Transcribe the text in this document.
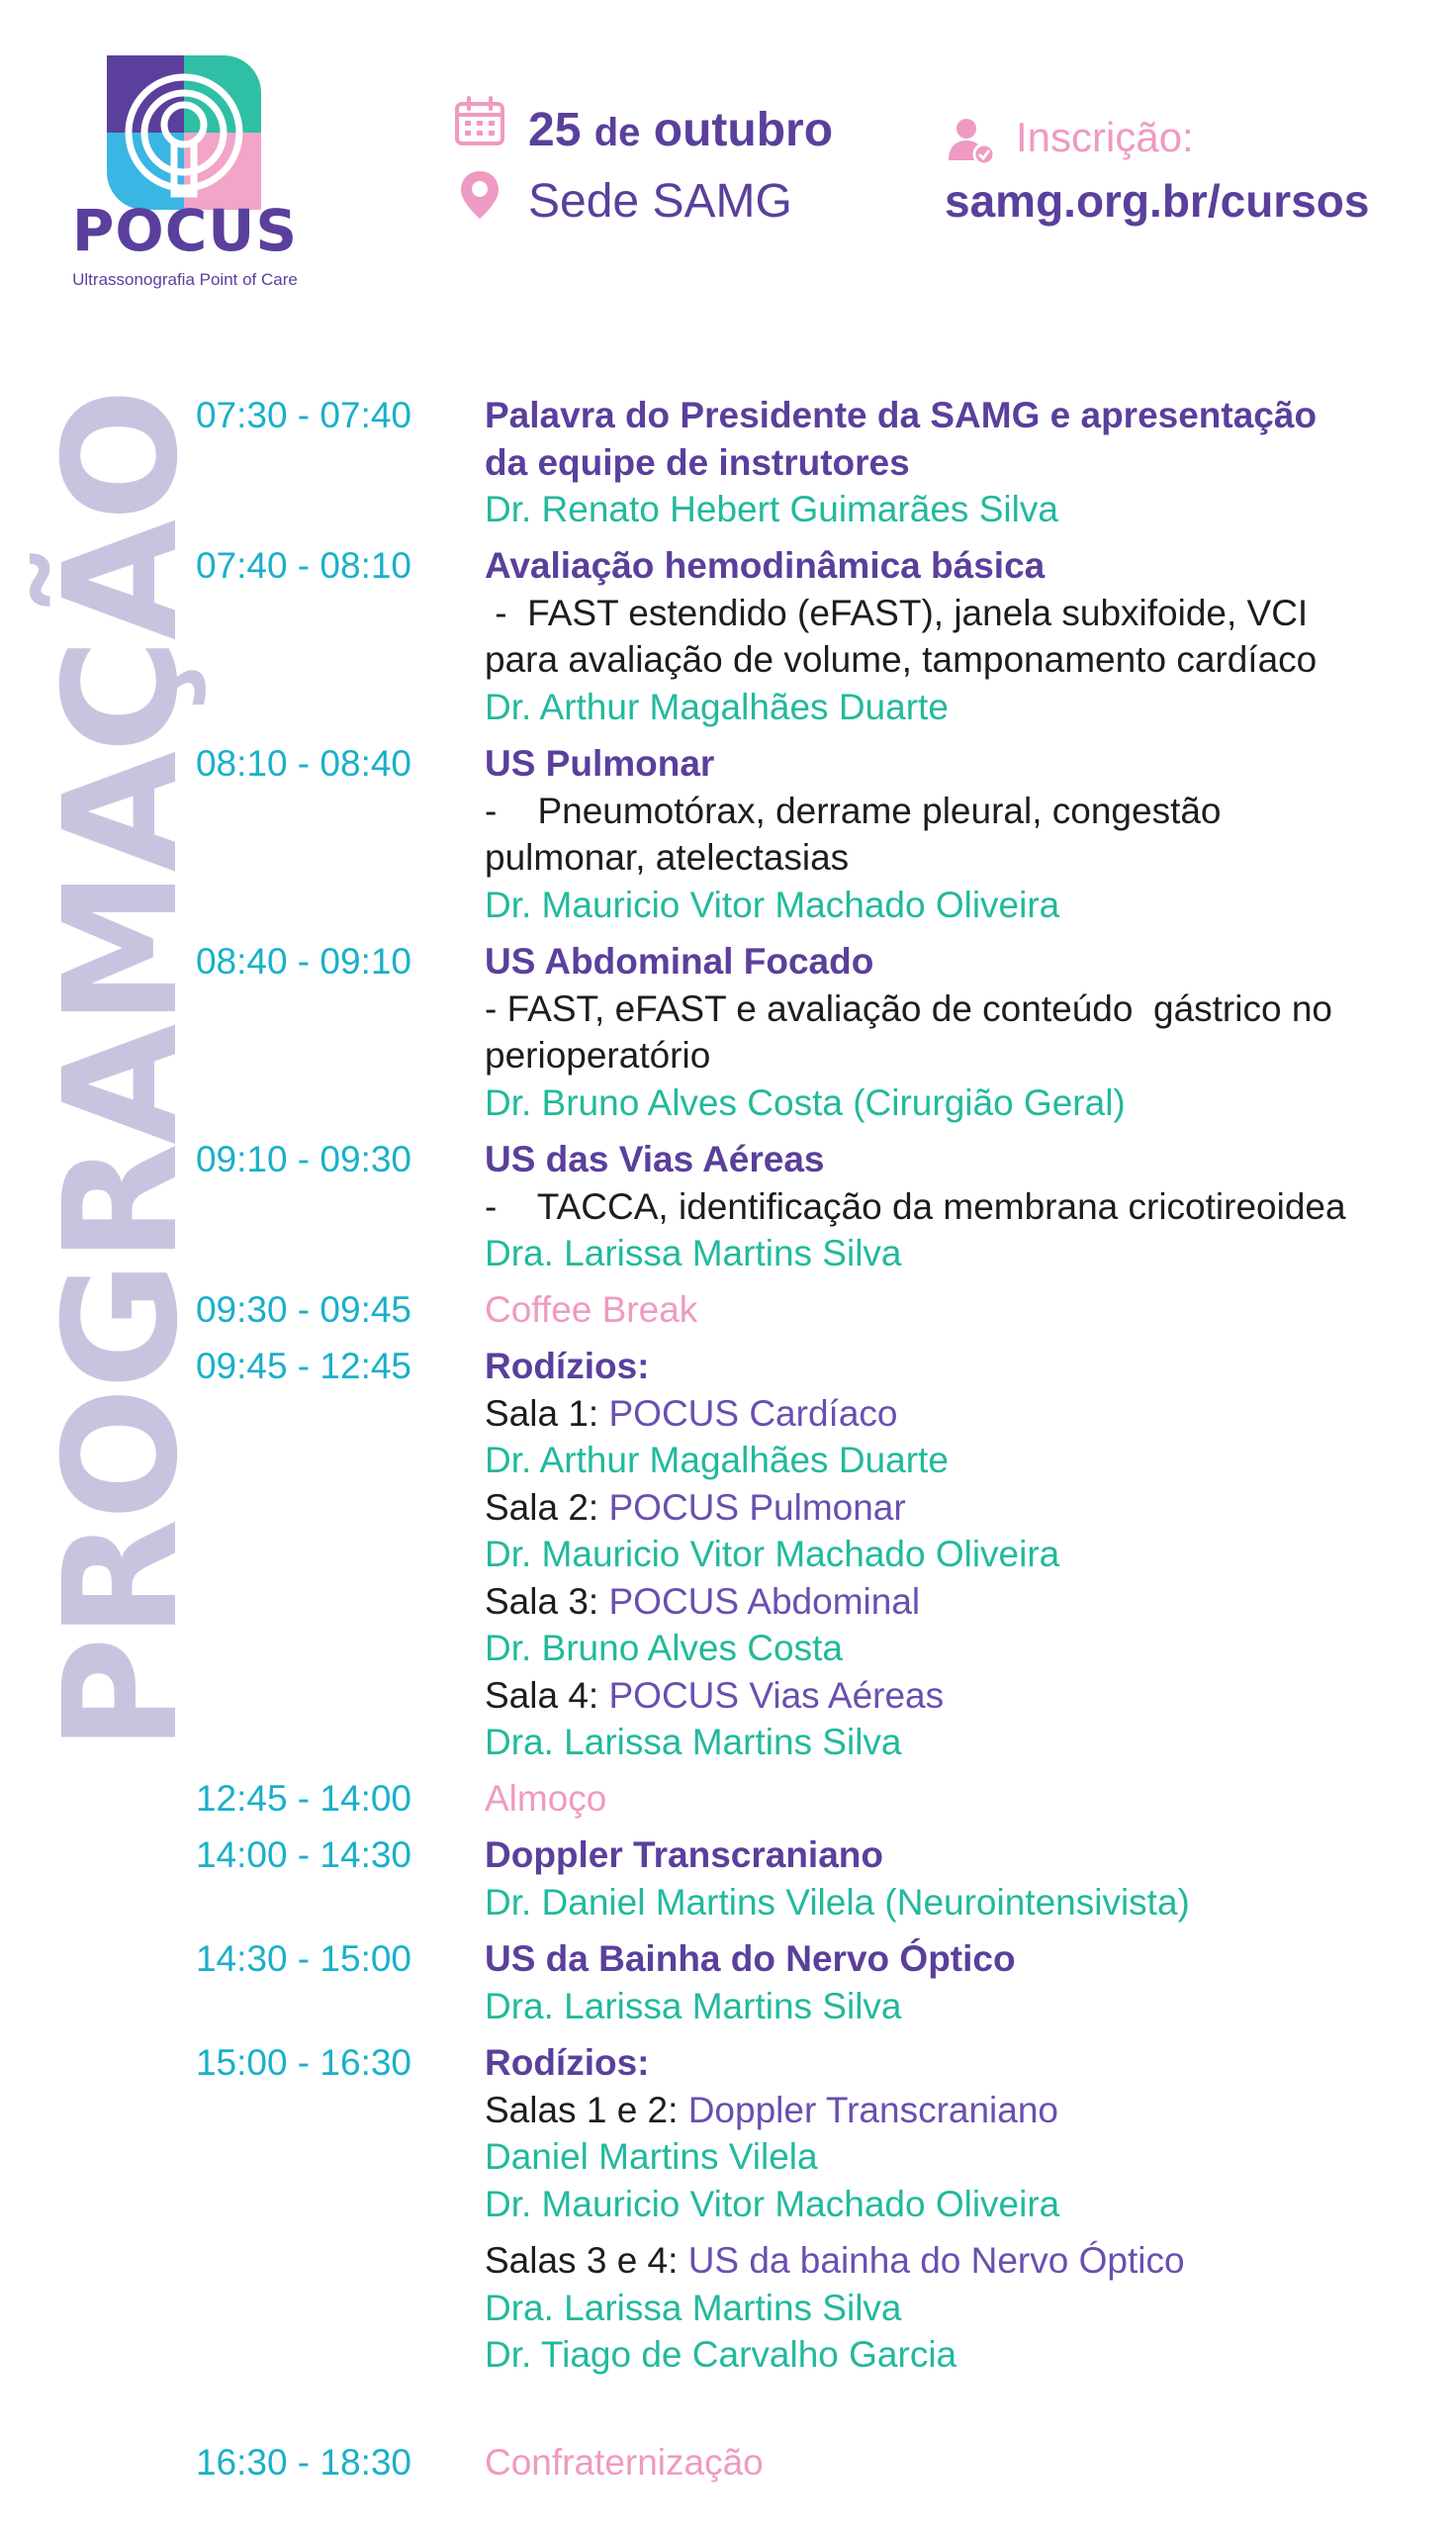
POCUS
Ultrassonografia Point of Care
25 de outubro
Sede SAMG
Inscrição:
samg.org.br/cursos
PROGRAMAÇÃO
07:30 - 07:40 Palavra do Presidente da SAMG e apresentação
da equipe de instrutores
Dr. Renato Hebert Guimarães Silva
07:40 - 08:10 Avaliação hemodinâmica básica
-  FAST estendido (eFAST), janela subxifoide, VCI
para avaliação de volume, tamponamento cardíaco
Dr. Arthur Magalhães Duarte
08:10 - 08:40 US Pulmonar
-    Pneumotórax, derrame pleural, congestão
pulmonar, atelectasias
Dr. Mauricio Vitor Machado Oliveira
08:40 - 09:10 US Abdominal Focado
- FAST, eFAST e avaliação de conteúdo  gástrico no
perioperatório
Dr. Bruno Alves Costa (Cirurgião Geral)
09:10 - 09:30 US das Vias Aéreas
-    TACCA, identificação da membrana cricotireoidea
Dra. Larissa Martins Silva
09:30 - 09:45 Coffee Break
09:45 - 12:45 Rodízios:
Sala 1: POCUS Cardíaco
Dr. Arthur Magalhães Duarte
Sala 2: POCUS Pulmonar
Dr. Mauricio Vitor Machado Oliveira
Sala 3: POCUS Abdominal
Dr. Bruno Alves Costa
Sala 4: POCUS Vias Aéreas
Dra. Larissa Martins Silva
12:45 - 14:00 Almoço
14:00 - 14:30 Doppler Transcraniano
Dr. Daniel Martins Vilela (Neurointensivista)
14:30 - 15:00 US da Bainha do Nervo Óptico
Dra. Larissa Martins Silva
15:00 - 16:30 Rodízios:
Salas 1 e 2: Doppler Transcraniano
Daniel Martins Vilela
Dr. Mauricio Vitor Machado Oliveira
Salas 3 e 4: US da bainha do Nervo Óptico
Dra. Larissa Martins Silva
Dr. Tiago de Carvalho Garcia
16:30 - 18:30 Confraternização
